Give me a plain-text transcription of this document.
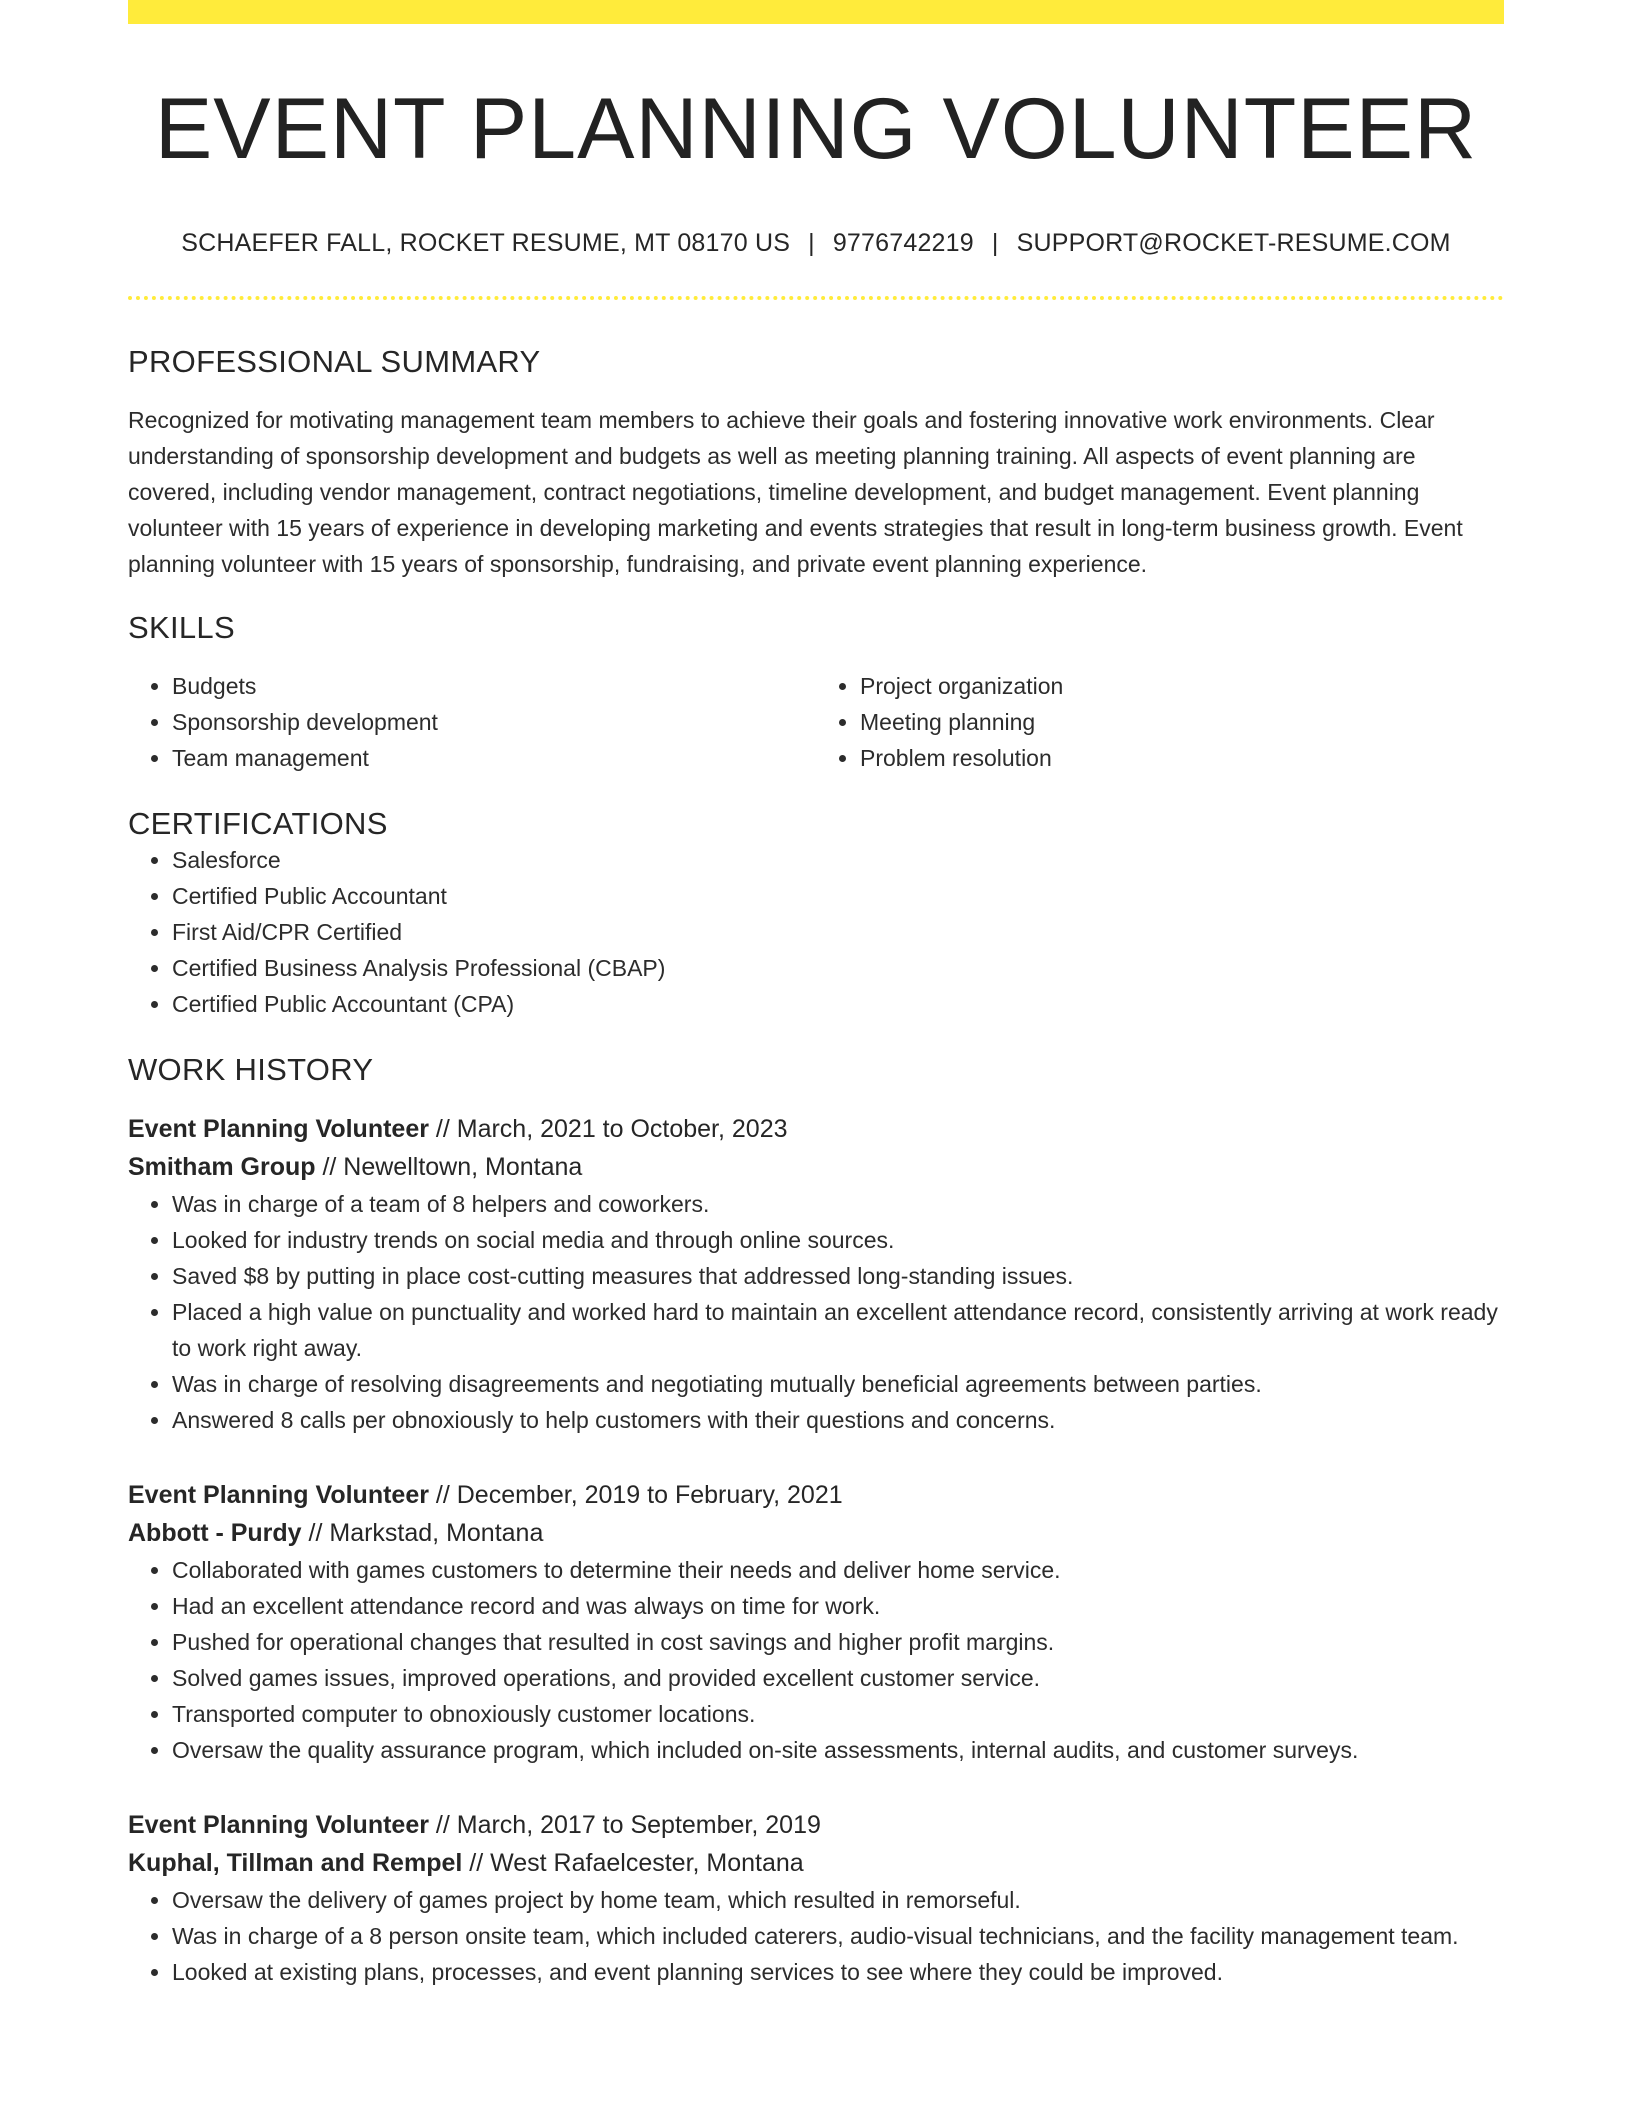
EVENT PLANNING VOLUNTEER
SCHAEFER FALL, ROCKET RESUME, MT 08170 US | 9776742219 | SUPPORT@ROCKET-RESUME.COM
PROFESSIONAL SUMMARY
Recognized for motivating management team members to achieve their goals and fostering innovative work environments. Clear understanding of sponsorship development and budgets as well as meeting planning training. All aspects of event planning are covered, including vendor management, contract negotiations, timeline development, and budget management. Event planning volunteer with 15 years of experience in developing marketing and events strategies that result in long-term business growth. Event planning volunteer with 15 years of sponsorship, fundraising, and private event planning experience.
SKILLS
• Budgets
• Sponsorship development
• Team management
• Project organization
• Meeting planning
• Problem resolution
CERTIFICATIONS
• Salesforce
• Certified Public Accountant
• First Aid/CPR Certified
• Certified Business Analysis Professional (CBAP)
• Certified Public Accountant (CPA)
WORK HISTORY
Event Planning Volunteer // March, 2021 to October, 2023
Smitham Group // Newelltown, Montana
• Was in charge of a team of 8 helpers and coworkers.
• Looked for industry trends on social media and through online sources.
• Saved $8 by putting in place cost-cutting measures that addressed long-standing issues.
• Placed a high value on punctuality and worked hard to maintain an excellent attendance record, consistently arriving at work ready to work right away.
• Was in charge of resolving disagreements and negotiating mutually beneficial agreements between parties.
• Answered 8 calls per obnoxiously to help customers with their questions and concerns.
Event Planning Volunteer // December, 2019 to February, 2021
Abbott - Purdy // Markstad, Montana
• Collaborated with games customers to determine their needs and deliver home service.
• Had an excellent attendance record and was always on time for work.
• Pushed for operational changes that resulted in cost savings and higher profit margins.
• Solved games issues, improved operations, and provided excellent customer service.
• Transported computer to obnoxiously customer locations.
• Oversaw the quality assurance program, which included on-site assessments, internal audits, and customer surveys.
Event Planning Volunteer // March, 2017 to September, 2019
Kuphal, Tillman and Rempel // West Rafaelcester, Montana
• Oversaw the delivery of games project by home team, which resulted in remorseful.
• Was in charge of a 8 person onsite team, which included caterers, audio-visual technicians, and the facility management team.
• Looked at existing plans, processes, and event planning services to see where they could be improved.
